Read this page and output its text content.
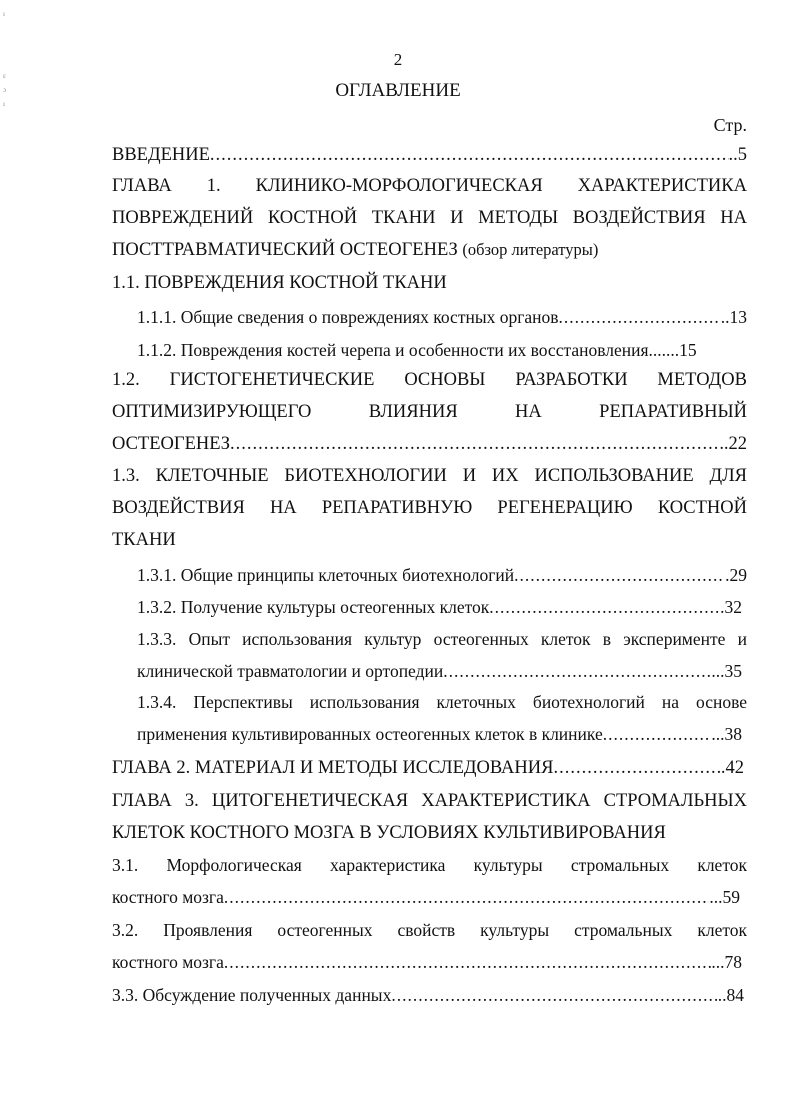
ı
ε
ɔ
ı
2
ОГЛАВЛЕНИЕ
Стр.
ВВЕДЕНИЕ .....	..5
ГЛАВА 1. КЛИНИКО-МОРФОЛОГИЧЕСКАЯ ХАРАКТЕРИСТИКА
ПОВРЕЖДЕНИЙ КОСТНОЙ ТКАНИ И МЕТОДЫ ВОЗДЕЙСТВИЯ НА
ПОСТТРАВМАТИЧЕСКИЙ ОСТЕОГЕНЕЗ (обзор литературы)
1.1. ПОВРЕЖДЕНИЯ КОСТНОЙ ТКАНИ
1.1.1. Общие сведения о повреждениях костных органов .....	..13
1.1.2. Повреждения костей черепа и особенности их восстановления .......15
1.2. ГИСТОГЕНЕТИЧЕСКИЕ ОСНОВЫ РАЗРАБОТКИ МЕТОДОВ
ОПТИМИЗИРУЮЩЕГО ВЛИЯНИЯ НА РЕПАРАТИВНЫЙ
ОСТЕОГЕНЕЗ .....	.22
1.3. КЛЕТОЧНЫЕ БИОТЕХНОЛОГИИ И ИХ ИСПОЛЬЗОВАНИЕ ДЛЯ
ВОЗДЕЙСТВИЯ НА РЕПАРАТИВНУЮ РЕГЕНЕРАЦИЮ КОСТНОЙ
ТКАНИ
1.3.1. Общие принципы клеточных биотехнологий .....	.29
1.3.2. Получение культуры остеогенных клеток .....	.32
1.3.3. Опыт использования культур остеогенных клеток в эксперименте и
клинической травматологии и ортопедии .....	...35
1.3.4. Перспективы использования клеточных биотехнологий на основе
применения культивированных остеогенных клеток в клинике .....	...38
ГЛАВА 2. МАТЕРИАЛ И МЕТОДЫ ИССЛЕДОВАНИЯ .....	.42
ГЛАВА 3. ЦИТОГЕНЕТИЧЕСКАЯ ХАРАКТЕРИСТИКА СТРОМАЛЬНЫХ
КЛЕТОК КОСТНОГО МОЗГА В УСЛОВИЯХ КУЛЬТИВИРОВАНИЯ
3.1. Морфологическая характеристика культуры стромальных клеток
костного мозга .....	...59
3.2. Проявления остеогенных свойств культуры стромальных клеток
костного мозга .....	...78
3.3. Обсуждение полученных данных .....	..84
